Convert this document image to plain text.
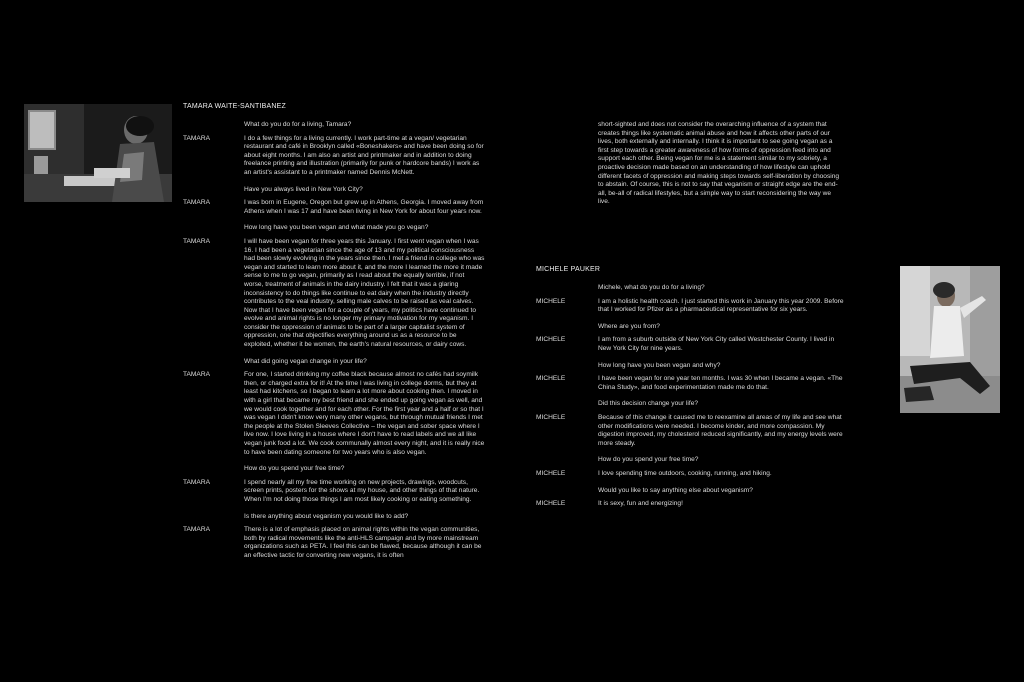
TAMARA WAITE-SANTIBANEZ

What do you do for a living, Tamara?

TAMARA	I do a few things for a living currently. I work part-time at a vegan/ vegetarian restaurant and café in Brooklyn called «Boneshakers» and have been doing so for about eight months. I am also an artist and printmaker and in addition to doing freelance printing and illustration (primarily for punk or hardcore bands) I work as an artist's assistant to a printmaker named Dennis McNett.

Have you always lived in New York City?

TAMARA	I was born in Eugene, Oregon but grew up in Athens, Georgia. I moved away from Athens when I was 17 and have been living in New York for about four years now.

How long have you been vegan and what made you go vegan?

TAMARA	I will have been vegan for three years this January. I first went vegan when I was 16. I had been a vegetarian since the age of 13 and my political consciousness had been slowly evolving in the years since then. I met a friend in college who was vegan and started to learn more about it, and the more I learned the more it made sense to me to go vegan, primarily as I read about the equally terrible, if not worse, treatment of animals in the dairy industry. I felt that it was a glaring inconsistency to do things like continue to eat dairy when the industry directly contributes to the veal industry, selling male calves to be raised as veal calves. Now that I have been vegan for a couple of years, my politics have continued to evolve and animal rights is no longer my primary motivation for my veganism. I consider the oppression of animals to be part of a larger capitalist system of oppression, one that objectifies everything around us as a resource to be exploited, whether it be women, the earth's natural resources, or dairy cows.

What did going vegan change in your life?

TAMARA	For one, I started drinking my coffee black because almost no cafés had soymilk then, or charged extra for it! At the time I was living in college dorms, but they at least had kitchens, so I began to learn a lot more about cooking then. I moved in with a girl that became my best friend and she ended up going vegan as well, and we would cook together and for each other. For the first year and a half or so that I was vegan I didn't know very many other vegans, but through mutual friends I met the people at the Stolen Sleeves Collective – the vegan and sober space where I live now. I love living in a house where I don't have to read labels and we all like vegan junk food a lot. We cook communally almost every night, and it is really nice to have been dating someone for two years who is also vegan.

How do you spend your free time?

TAMARA	I spend nearly all my free time working on new projects, drawings, woodcuts, screen prints, posters for the shows at my house, and other things of that nature. When I'm not doing those things I am most likely cooking or eating something.

Is there anything about veganism you would like to add?

TAMARA	There is a lot of emphasis placed on animal rights within the vegan communities, both by radical movements like the anti-HLS campaign and by more mainstream organizations such as PETA. I feel this can be flawed, because although it can be an effective tactic for converting new vegans, it is often

short-sighted and does not consider the overarching influence of a system that creates things like systematic animal abuse and how it affects other parts of our lives, both externally and internally. I think it is important to see going vegan as a first step towards a greater awareness of how forms of oppression feed into and support each other. Being vegan for me is a statement similar to my sobriety, a proactive decision made based on an understanding of how lifestyle can uphold different facets of oppression and making steps towards self-liberation by choosing to abstain. Of course, this is not to say that veganism or straight edge are the end-all, be-all of radical lifestyles, but a simple way to start reconsidering the way we live.

MICHELE PAUKER

Michele, what do you do for a living?

MICHELE	I am a holistic health coach. I just started this work in January this year 2009. Before that I worked for Pfizer as a pharmaceutical representative for six years.

Where are you from?

MICHELE	I am from a suburb outside of New York City called Westchester County. I lived in New York City for nine years.

How long have you been vegan and why?

MICHELE	I have been vegan for one year ten months. I was 30 when I became a vegan. «The China Study», and food experimentation made me do that.

Did this decision change your life?

MICHELE	Because of this change it caused me to reexamine all areas of my life and see what other modifications were needed. I become kinder, and more compassion. My digestion improved, my cholesterol reduced significantly, and my energy levels were more steady.

How do you spend your free time?

MICHELE	I love spending time outdoors, cooking, running, and hiking.

Would you like to say anything else about veganism?

MICHELE	It is sexy, fun and energizing!
